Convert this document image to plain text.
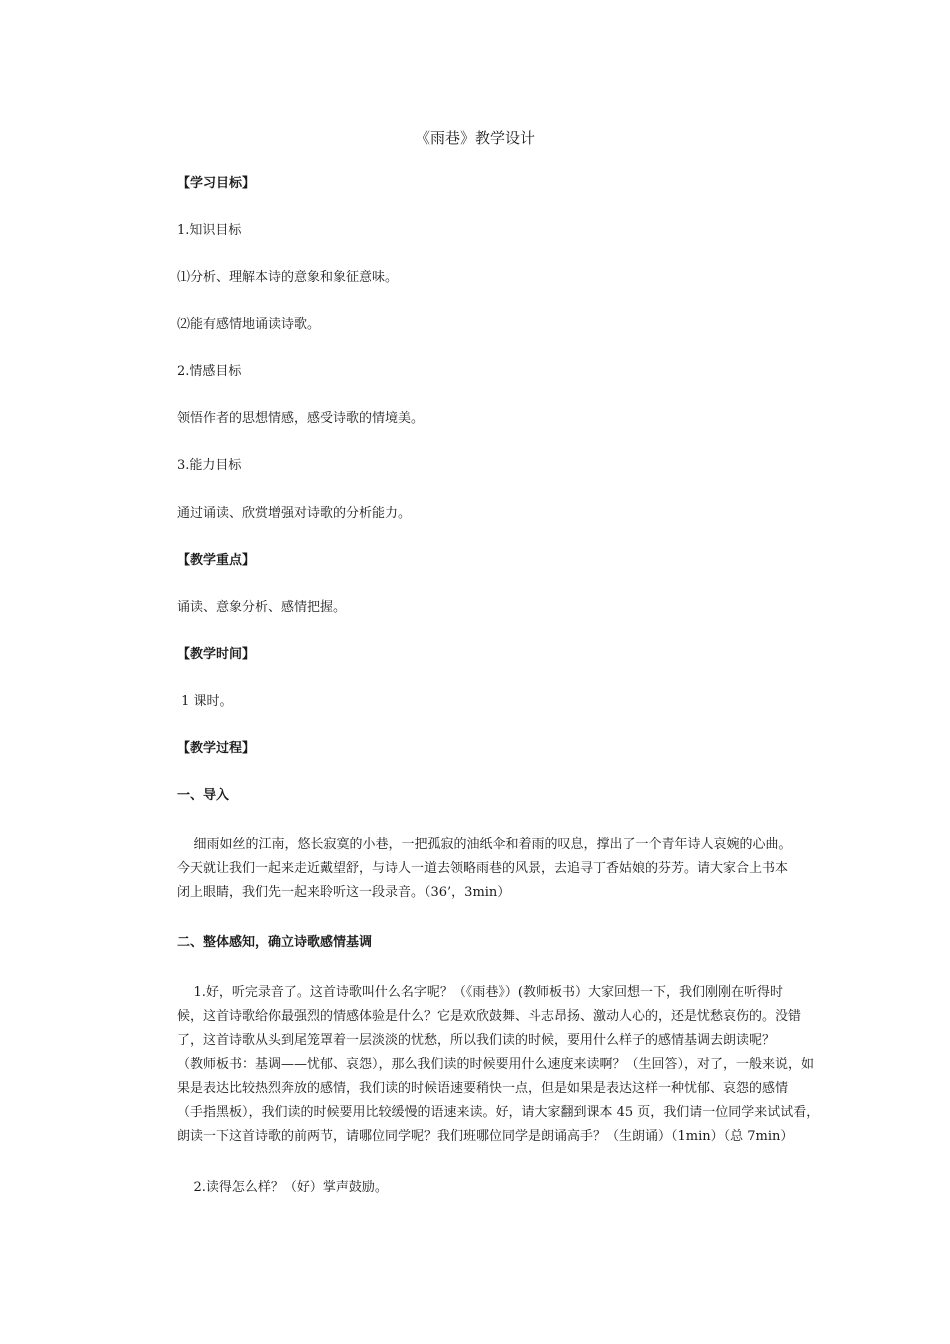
《雨巷》教学设计
【学习目标】
1.知识目标
⑴分析、理解本诗的意象和象征意味。
⑵能有感情地诵读诗歌。
2.情感目标
领悟作者的思想情感，感受诗歌的情境美。
3.能力目标
通过诵读、欣赏增强对诗歌的分析能力。
【教学重点】
诵读、意象分析、感情把握。
【教学时间】
1 课时。
【教学过程】
一、导入
细雨如丝的江南，悠长寂寞的小巷，一把孤寂的油纸伞和着雨的叹息，撑出了一个青年诗人哀婉的心曲。
今天就让我们一起来走近戴望舒，与诗人一道去领略雨巷的风景，去追寻丁香姑娘的芬芳。请大家合上书本
闭上眼睛，我们先一起来聆听这一段录音。（36’，3min）
二、整体感知，确立诗歌感情基调
1.好，听完录音了。这首诗歌叫什么名字呢？（《雨巷》）(教师板书）大家回想一下，我们刚刚在听得时
候，这首诗歌给你最强烈的情感体验是什么？它是欢欣鼓舞、斗志昂扬、激动人心的，还是忧愁哀伤的。没错
了，这首诗歌从头到尾笼罩着一层淡淡的忧愁，所以我们读的时候，要用什么样子的感情基调去朗读呢？
（教师板书：基调——忧郁、哀怨），那么我们读的时候要用什么速度来读啊？（生回答），对了，一般来说，如
果是表达比较热烈奔放的感情，我们读的时候语速要稍快一点，但是如果是表达这样一种忧郁、哀怨的感情
（手指黑板），我们读的时候要用比较缓慢的语速来读。好，请大家翻到课本 45 页，我们请一位同学来试试看，
朗读一下这首诗歌的前两节，请哪位同学呢？我们班哪位同学是朗诵高手？（生朗诵）（1min）（总 7min）
2.读得怎么样？（好）掌声鼓励。
